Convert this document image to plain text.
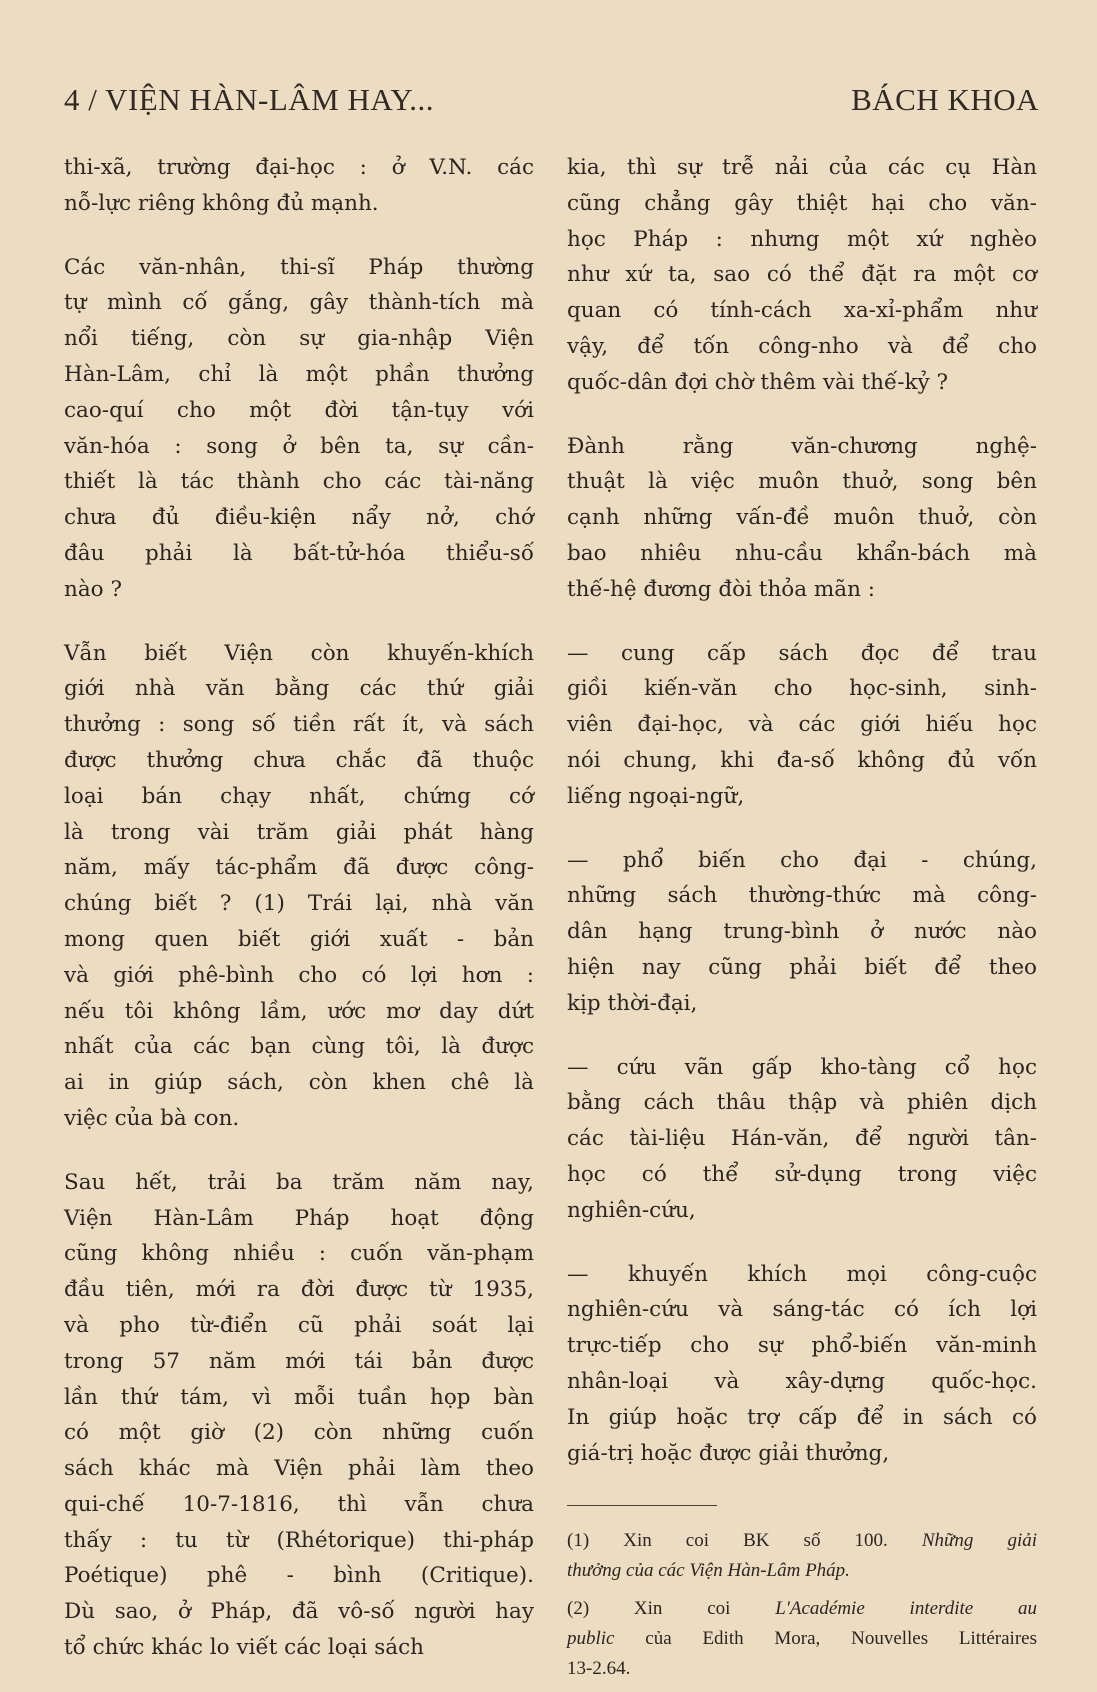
4 / VIỆN HÀN-LÂM HAY...	BÁCH KHOA
thi-xã, trường đại-học : ở V.N. các
nỗ-lực riêng không đủ mạnh.
Các văn-nhân, thi-sĩ Pháp thường
tự mình cố gắng, gây thành-tích mà
nổi tiếng, còn sự gia-nhập Viện
Hàn-Lâm, chỉ là một phần thưởng
cao-quí cho một đời tận-tụy với
văn-hóa : song ở bên ta, sự cần-
thiết là tác thành cho các tài-năng
chưa đủ điều-kiện nẩy nở, chớ
đâu phải là bất-tử-hóa thiểu-số
nào ?
Vẫn biết Viện còn khuyến-khích
giới nhà văn bằng các thứ giải
thưởng : song số tiền rất ít, và sách
được thưởng chưa chắc đã thuộc
loại bán chạy nhất, chứng cớ
là trong vài trăm giải phát hàng
năm, mấy tác-phẩm đã được công-
chúng biết ? (1) Trái lại, nhà văn
mong quen biết giới xuất - bản
và giới phê-bình cho có lợi hơn :
nếu tôi không lầm, ước mơ day dứt
nhất của các bạn cùng tôi, là được
ai in giúp sách, còn khen chê là
việc của bà con.
Sau hết, trải ba trăm năm nay,
Viện Hàn-Lâm Pháp hoạt động
cũng không nhiều : cuốn văn-phạm
đầu tiên, mới ra đời được từ 1935,
và pho từ-điển cũ phải soát lại
trong 57 năm mới tái bản được
lần thứ tám, vì mỗi tuần họp bàn
có một giờ (2) còn những cuốn
sách khác mà Viện phải làm theo
qui-chế 10-7-1816, thì vẫn chưa
thấy : tu từ (Rhétorique) thi-pháp
Poétique) phê - bình (Critique).
Dù sao, ở Pháp, đã vô-số người hay
tổ chức khác lo viết các loại sách
kia, thì sự trễ nải của các cụ Hàn
cũng chẳng gây thiệt hại cho văn-
học Pháp : nhưng một xứ nghèo
như xứ ta, sao có thể đặt ra một cơ
quan có tính-cách xa-xỉ-phẩm như
vậy, để tốn công-nho và để cho
quốc-dân đợi chờ thêm vài thế-kỷ ?
Đành rằng văn-chương nghệ-
thuật là việc muôn thuở, song bên
cạnh những vấn-đề muôn thuở, còn
bao nhiêu nhu-cầu khẩn-bách mà
thế-hệ đương đòi thỏa mãn :
— cung cấp sách đọc để trau
giồi kiến-văn cho học-sinh, sinh-
viên đại-học, và các giới hiếu học
nói chung, khi đa-số không đủ vốn
liếng ngoại-ngữ,
— phổ biến cho đại - chúng,
những sách thường-thức mà công-
dân hạng trung-bình ở nước nào
hiện nay cũng phải biết để theo
kịp thời-đại,
— cứu vãn gấp kho-tàng cổ học
bằng cách thâu thập và phiên dịch
các tài-liệu Hán-văn, để người tân-
học có thể sử-dụng trong việc
nghiên-cứu,
— khuyến khích mọi công-cuộc
nghiên-cứu và sáng-tác có ích lợi
trực-tiếp cho sự phổ-biến văn-minh
nhân-loại và xây-dựng quốc-học.
In giúp hoặc trợ cấp để in sách có
giá-trị hoặc được giải thưởng,
(1) Xin coi BK số 100. Những giải
thưởng của các Viện Hàn-Lâm Pháp.
(2) Xin coi L'Académie interdite au
public của Edith Mora, Nouvelles Littéraires
13-2.64.
